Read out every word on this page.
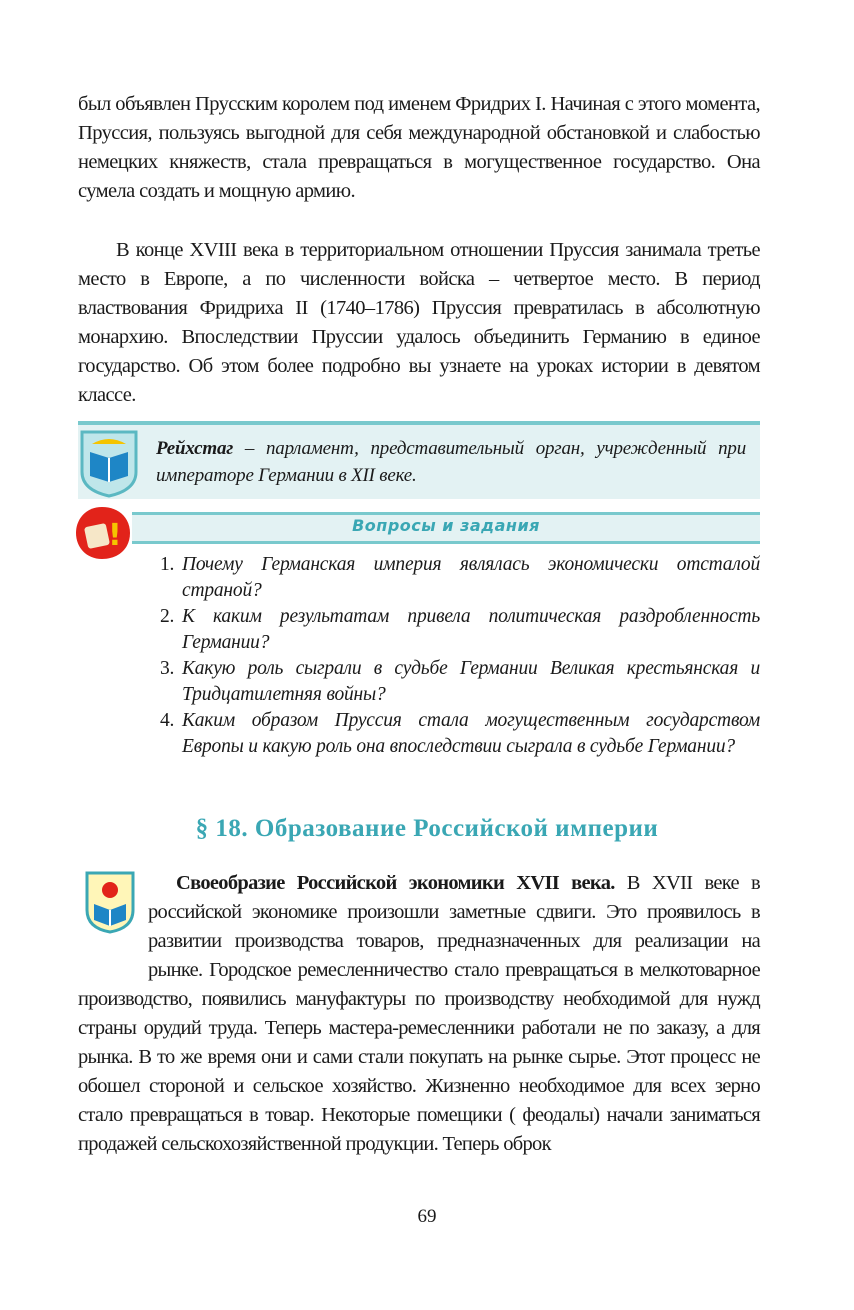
был объявлен Прусским королем под именем Фридрих I. Начиная с этого момента, Пруссия, пользуясь выгодной для себя международной обстановкой и слабостью немецких княжеств, стала превращаться в могущественное государство. Она сумела создать и мощную армию.

В конце XVIII века в территориальном отношении Пруссия занимала третье место в Европе, а по численности войска – четвертое место. В период властвования Фридриха II (1740–1786) Пруссия превратилась в абсолютную монархию. Впоследствии Пруссии удалось объединить Германию в единое государство. Об этом более подробно вы узнаете на уроках истории в девятом классе.

Рейхстаг – парламент, представительный орган, учрежденный при императоре Германии в XII веке.
!	Вопросы и задания
1. Почему Германская империя являлась экономически отсталой страной?
2. К каким результатам привела политическая раздробленность Германии?
3. Какую роль сыграли в судьбе Германии Великая крестьянская и Тридцатилетняя войны?
4. Каким образом Пруссия стала могущественным государством Европы и какую роль она впоследствии сыграла в судьбе Германии?
§ 18. Образование Российской империи

Своеобразие Российской экономики XVII века. В XVII веке в российской экономике произошли заметные сдвиги. Это проявилось в развитии производства товаров, предназначенных для реализации на рынке. Городское ремесленничество стало превращаться в мелкотоварное производство, появились мануфактуры по производству необходимой для нужд страны орудий труда. Теперь мастера-ремесленники работали не по заказу, а для рынка. В то же время они и сами стали покупать на рынке сырье. Этот процесс не обошел стороной и сельское хозяйство. Жизненно необходимое для всех зерно стало превращаться в товар. Некоторые помещики ( феодалы) начали заниматься продажей сельскохозяйственной продукции. Теперь оброк

69
